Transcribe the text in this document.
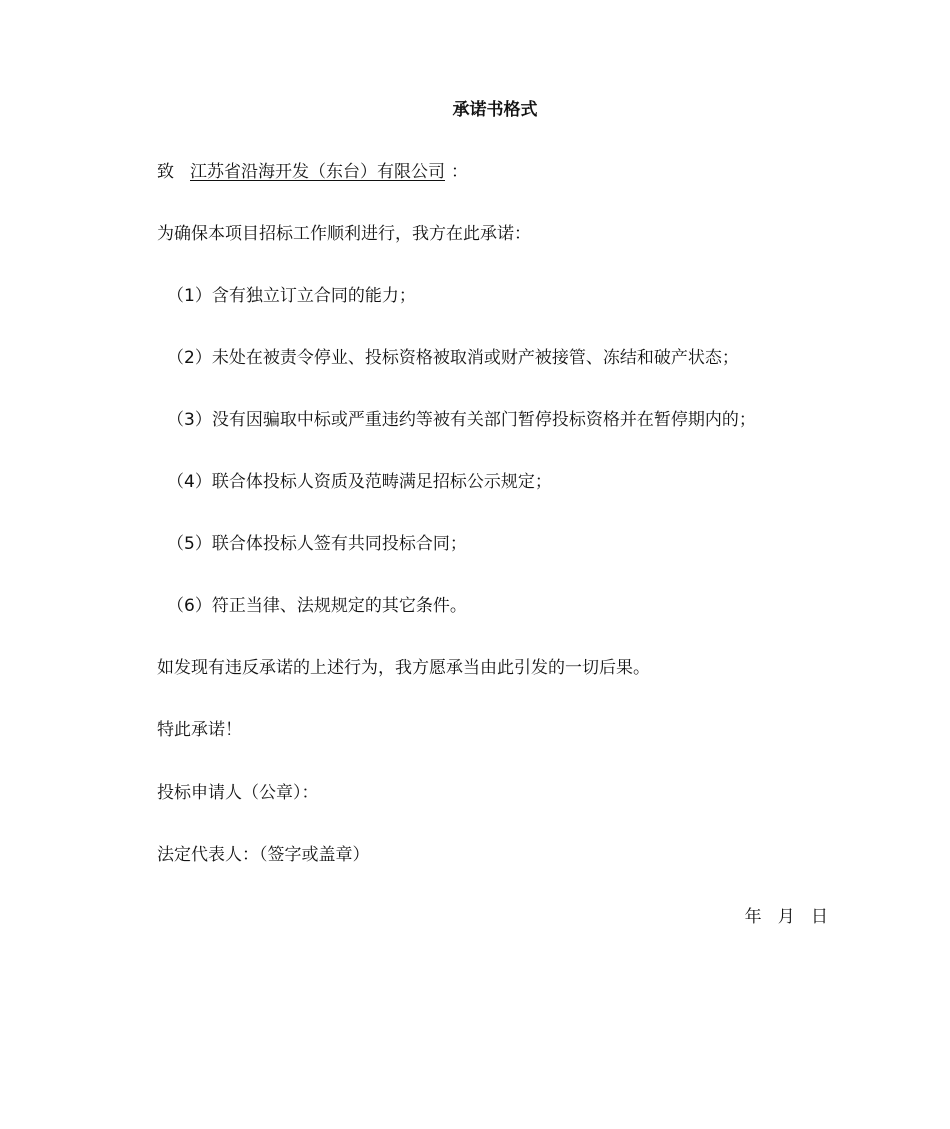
承诺书格式
致 江苏省沿海开发（东台）有限公司 ：
为确保本项目招标工作顺利进行，我方在此承诺：
（1）含有独立订立合同的能力；
（2）未处在被责令停业、投标资格被取消或财产被接管、冻结和破产状态；
（3）没有因骗取中标或严重违约等被有关部门暂停投标资格并在暂停期内的；
（4）联合体投标人资质及范畴满足招标公示规定；
（5）联合体投标人签有共同投标合同；
（6）符正当律、法规规定的其它条件。
如发现有违反承诺的上述行为，我方愿承当由此引发的一切后果。
特此承诺！
投标申请人（公章）：
法定代表人：（签字或盖章）
年   月   日
